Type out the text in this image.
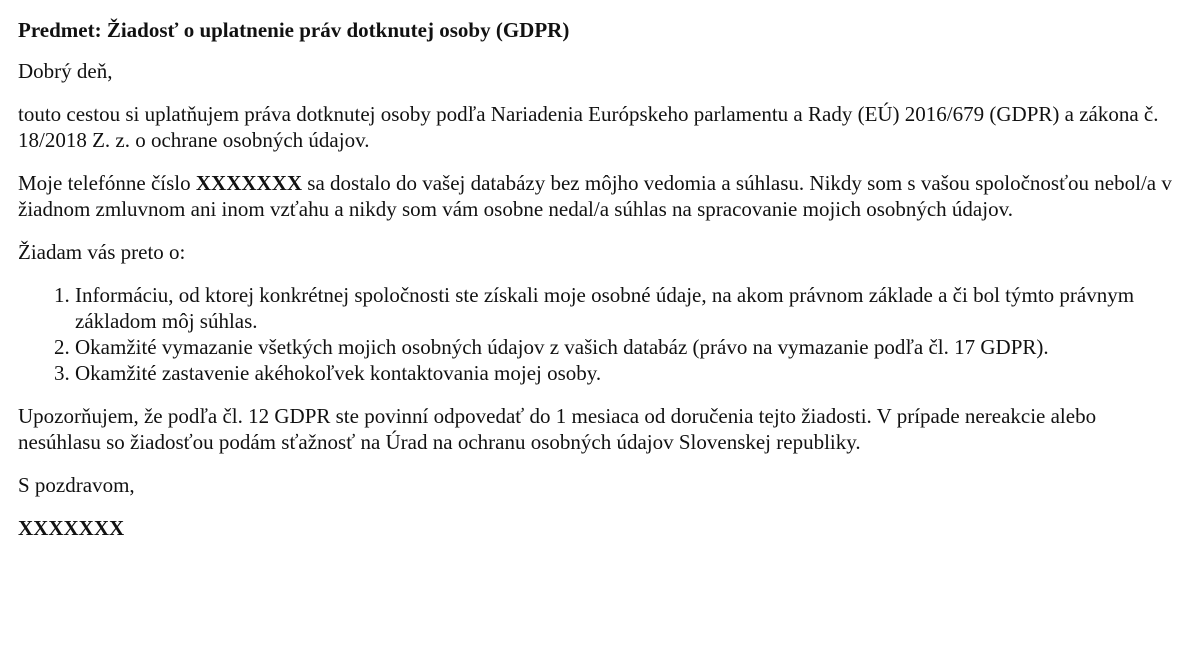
Predmet: Žiadosť o uplatnenie práv dotknutej osoby (GDPR)

Dobrý deň,

touto cestou si uplatňujem práva dotknutej osoby podľa Nariadenia Európskeho parlamentu a Rady (EÚ) 2016/679 (GDPR) a zákona č. 18/2018 Z. z. o ochrane osobných údajov.

Moje telefónne číslo XXXXXXX sa dostalo do vašej databázy bez môjho vedomia a súhlasu. Nikdy som s vašou spoločnosťou nebol/a v žiadnom zmluvnom ani inom vzťahu a nikdy som vám osobne nedal/a súhlas na spracovanie mojich osobných údajov.

Žiadam vás preto o:

1. Informáciu, od ktorej konkrétnej spoločnosti ste získali moje osobné údaje, na akom právnom základe a či bol týmto právnym základom môj súhlas.
2. Okamžité vymazanie všetkých mojich osobných údajov z vašich databáz (právo na vymazanie podľa čl. 17 GDPR).
3. Okamžité zastavenie akéhokoľvek kontaktovania mojej osoby.

Upozorňujem, že podľa čl. 12 GDPR ste povinní odpovedať do 1 mesiaca od doručenia tejto žiadosti. V prípade nereakcie alebo nesúhlasu so žiadosťou podám sťažnosť na Úrad na ochranu osobných údajov Slovenskej republiky.

S pozdravom,

XXXXXXX
